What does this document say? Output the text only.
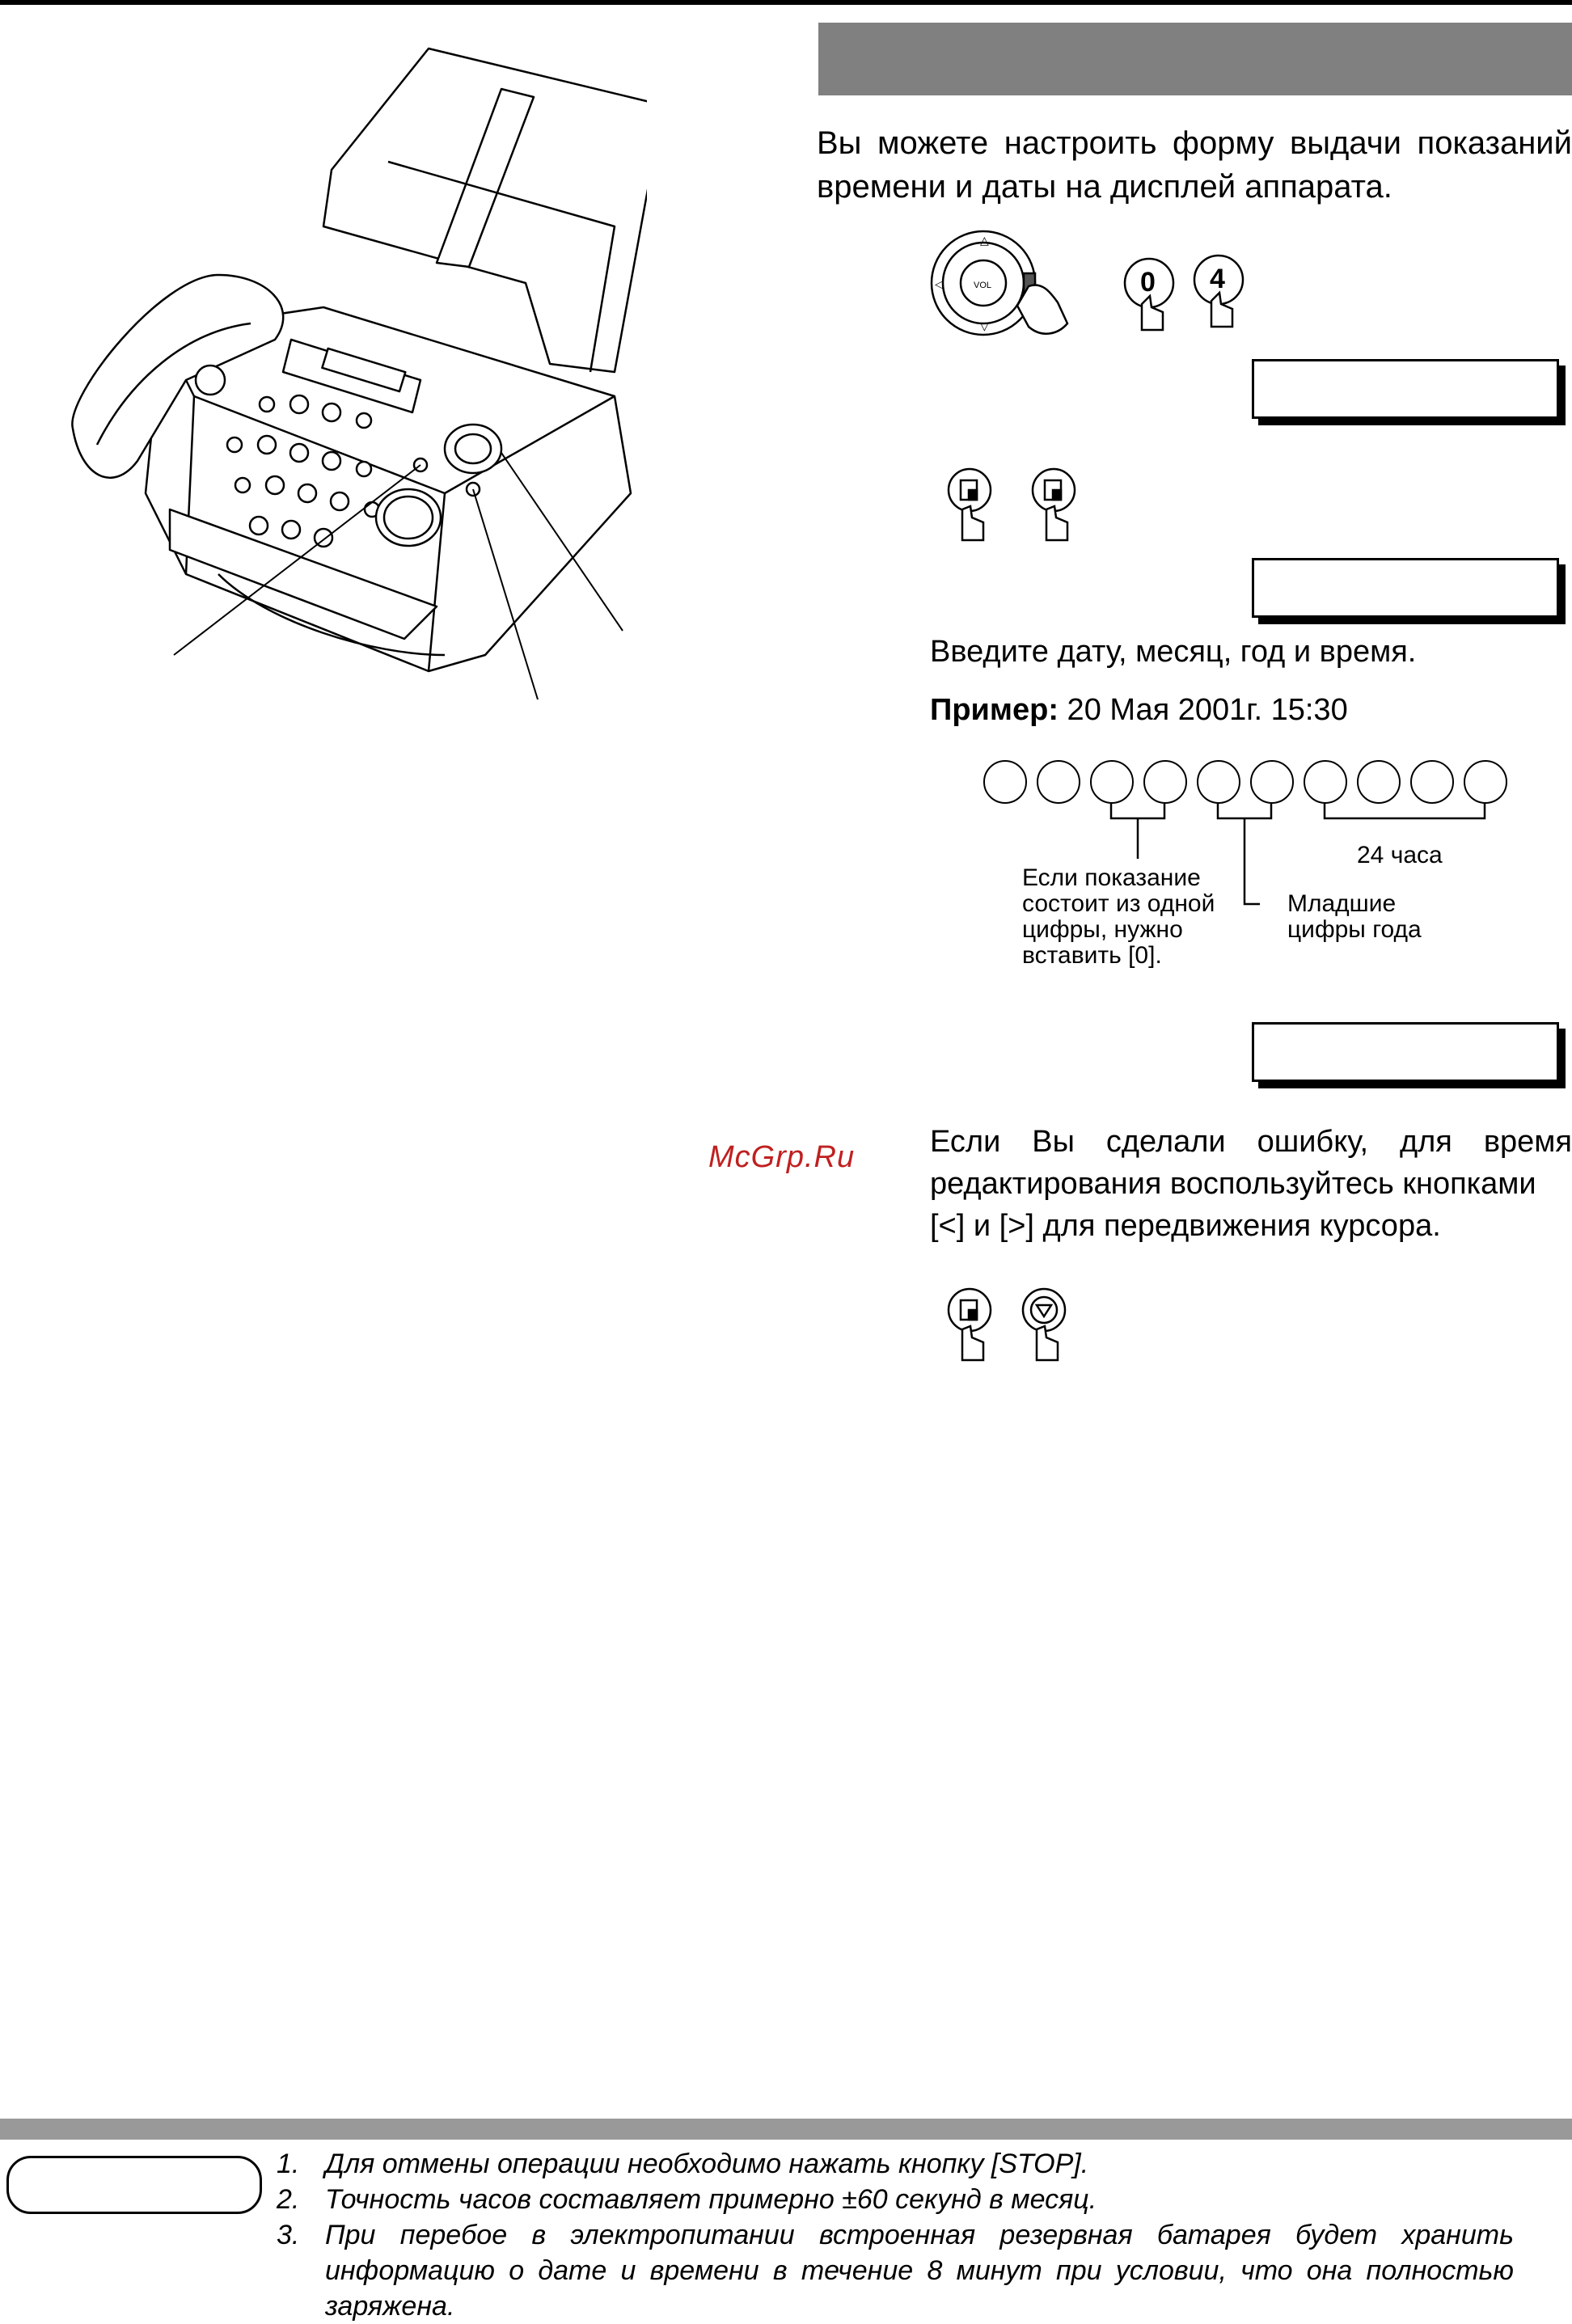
Вы можете настроить форму выдачи показаний
времени и даты на дисплей аппарата.
VOL
△
▽
◁	0 4
Введите дату, месяц, год и время.
Пример: 20 Мая 2001г. 15:30
Если показание
состоит из одной
цифры, нужно
вставить [0].
Младшие
цифры года
24 часа
McGrp.Ru Если Вы сделали ошибку, для время
редактирования воспользуйтесь кнопками
[<] и [>] для передвижения курсора.
1. Для отмены операции необходимо нажать кнопку [STOP].
2. Точность часов составляет примерно ±60 секунд в месяц.
3. При перебое в электропитании встроенная резервная батарея будет хранить информацию о дате и времени в течение 8 минут при условии, что она полностью заряжена.
